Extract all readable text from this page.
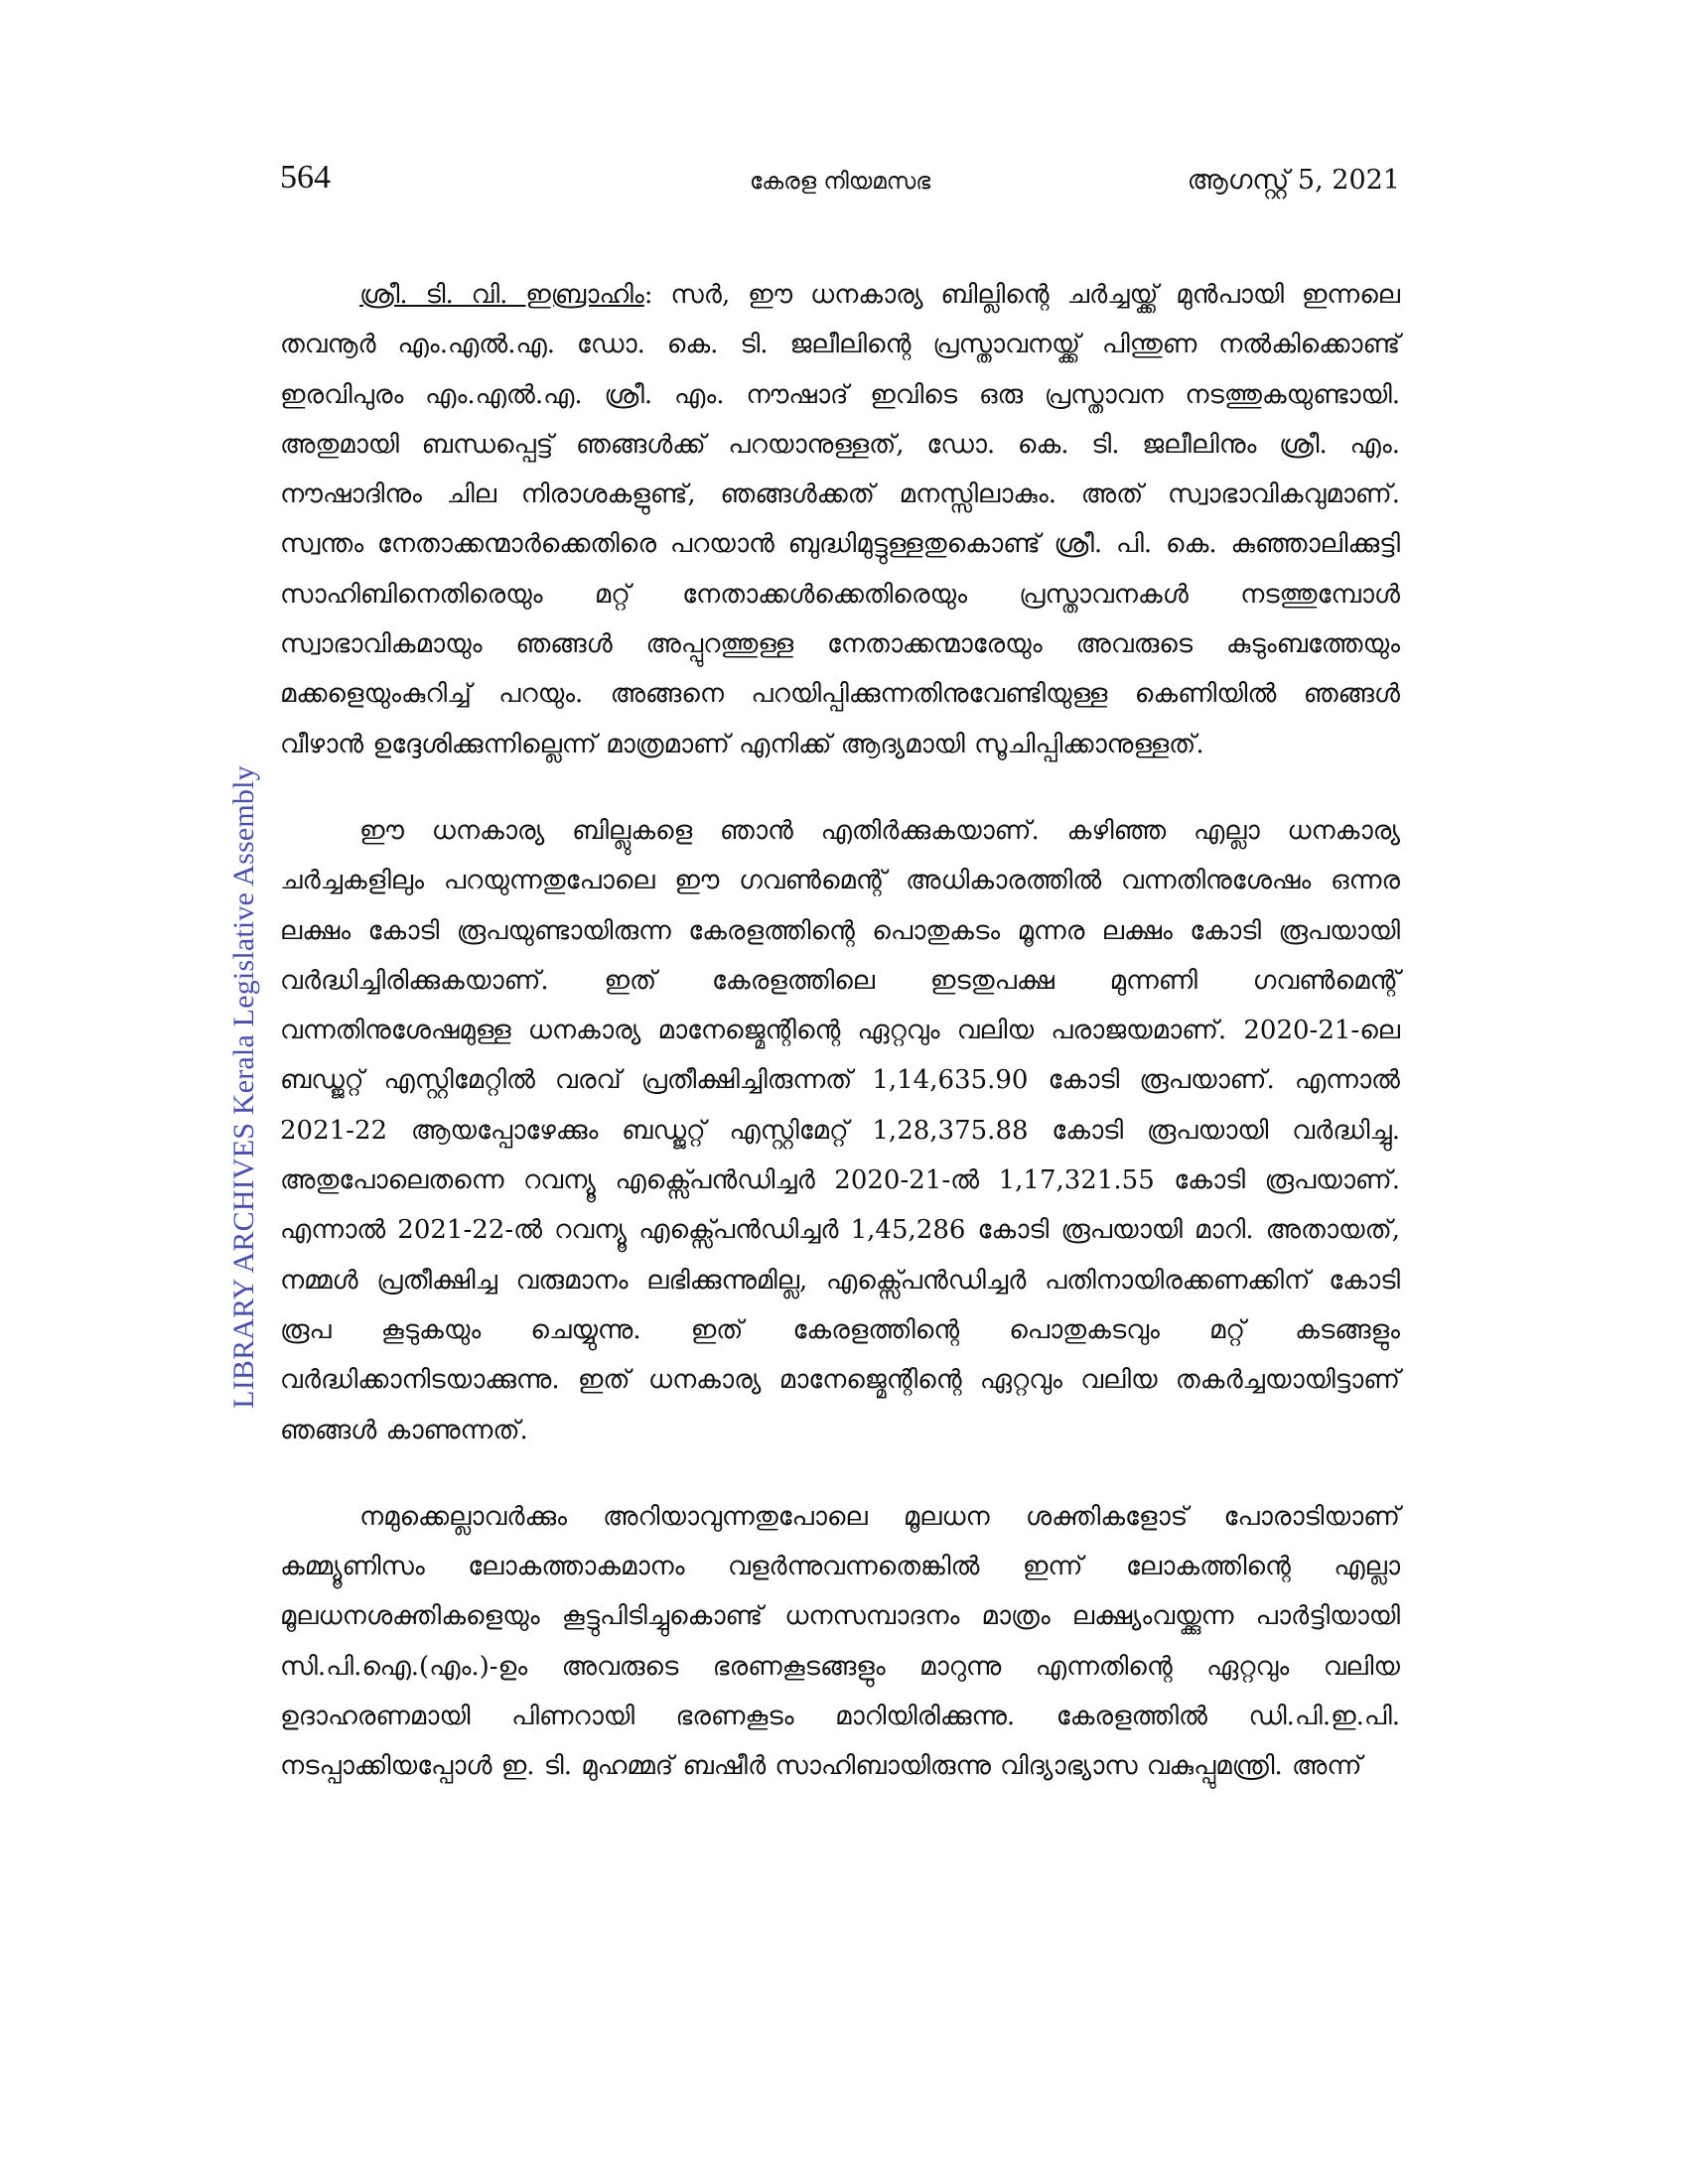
564	കേരള നിയമസഭ	ആഗസ്റ്റ് 5, 2021
LIBRARY ARCHIVES Kerala Legislative Assembly

ശ്രീ. ടി. വി. ഇബ്രാഹിം: സർ, ഈ ധനകാര്യ ബില്ലിന്റെ ചർച്ചയ്ക്ക് മുൻപായി ഇന്നലെ തവനൂർ എം.എൽ.എ. ഡോ. കെ. ടി. ജലീലിന്റെ പ്രസ്താവനയ്ക്ക് പിന്തുണ നൽകിക്കൊണ്ട് ഇരവിപുരം എം.എൽ.എ. ശ്രീ. എം. നൗഷാദ് ഇവിടെ ഒരു പ്രസ്താവന നടത്തുകയുണ്ടായി. അതുമായി ബന്ധപ്പെട്ട് ഞങ്ങൾക്ക് പറയാനുള്ളത്, ഡോ. കെ. ടി. ജലീലിനും ശ്രീ. എം. നൗഷാദിനും ചില നിരാശകളുണ്ട്, ഞങ്ങൾക്കത് മനസ്സിലാകും. അത് സ്വാഭാവികവുമാണ്. സ്വന്തം നേതാക്കന്മാർക്കെതിരെ പറയാൻ ബുദ്ധിമുട്ടുള്ളതുകൊണ്ട് ശ്രീ. പി. കെ. കുഞ്ഞാലിക്കുട്ടി സാഹിബിനെതിരെയും മറ്റ് നേതാക്കൾക്കെതിരെയും പ്രസ്താവനകൾ നടത്തുമ്പോൾ സ്വാഭാവികമായും ഞങ്ങൾ അപ്പുറത്തുള്ള നേതാക്കന്മാരേയും അവരുടെ കുടുംബത്തേയും മക്കളെയുംകുറിച്ച് പറയും. അങ്ങനെ പറയിപ്പിക്കുന്നതിനുവേണ്ടിയുള്ള കെണിയിൽ ഞങ്ങൾ വീഴാൻ ഉദ്ദേശിക്കുന്നില്ലെന്ന് മാത്രമാണ് എനിക്ക് ആദ്യമായി സൂചിപ്പിക്കാനുള്ളത്.

ഈ ധനകാര്യ ബില്ലുകളെ ഞാൻ എതിർക്കുകയാണ്. കഴിഞ്ഞ എല്ലാ ധനകാര്യ ചർച്ചകളിലും പറയുന്നതുപോലെ ഈ ഗവൺമെന്റ് അധികാരത്തിൽ വന്നതിനുശേഷം ഒന്നര ലക്ഷം കോടി രൂപയുണ്ടായിരുന്ന കേരളത്തിന്റെ പൊതുകടം മൂന്നര ലക്ഷം കോടി രൂപയായി വർദ്ധിച്ചിരിക്കുകയാണ്. ഇത് കേരളത്തിലെ ഇടതുപക്ഷ മുന്നണി ഗവൺമെന്റ് വന്നതിനുശേഷമുള്ള ധനകാര്യ മാനേജ്മെന്റിന്റെ ഏറ്റവും വലിയ പരാജയമാണ്. 2020-21-ലെ ബഡ്ജറ്റ് എസ്റ്റിമേറ്റിൽ വരവ് പ്രതീക്ഷിച്ചിരുന്നത് 1,14,635.90 കോടി രൂപയാണ്. എന്നാൽ 2021-22 ആയപ്പോഴേക്കും ബഡ്ജറ്റ് എസ്റ്റിമേറ്റ് 1,28,375.88 കോടി രൂപയായി വർദ്ധിച്ചു. അതുപോലെതന്നെ റവന്യൂ എക്സ്പെൻഡിച്ചർ 2020-21-ൽ 1,17,321.55 കോടി രൂപയാണ്. എന്നാൽ 2021-22-ൽ റവന്യൂ എക്സ്പെൻഡിച്ചർ 1,45,286 കോടി രൂപയായി മാറി. അതായത്, നമ്മൾ പ്രതീക്ഷിച്ച വരുമാനം ലഭിക്കുന്നുമില്ല, എക്സ്പെൻഡിച്ചർ പതിനായിരക്കണക്കിന് കോടി രൂപ കൂടുകയും ചെയ്യുന്നു. ഇത് കേരളത്തിന്റെ പൊതുകടവും മറ്റ് കടങ്ങളും വർദ്ധിക്കാനിടയാക്കുന്നു. ഇത് ധനകാര്യ മാനേജ്മെന്റിന്റെ ഏറ്റവും വലിയ തകർച്ചയായിട്ടാണ് ഞങ്ങൾ കാണുന്നത്.

നമുക്കെല്ലാവർക്കും അറിയാവുന്നതുപോലെ മൂലധന ശക്തികളോട് പോരാടിയാണ് കമ്മ്യൂണിസം ലോകത്താകമാനം വളർന്നുവന്നതെങ്കിൽ ഇന്ന് ലോകത്തിന്റെ എല്ലാ മൂലധനശക്തികളെയും കൂട്ടുപിടിച്ചുകൊണ്ട് ധനസമ്പാദനം മാത്രം ലക്ഷ്യംവയ്ക്കുന്ന പാർട്ടിയായി സി.പി.ഐ.(എം.)-ഉം അവരുടെ ഭരണകൂടങ്ങളും മാറുന്നു എന്നതിന്റെ ഏറ്റവും വലിയ ഉദാഹരണമായി പിണറായി ഭരണകൂടം മാറിയിരിക്കുന്നു. കേരളത്തിൽ ഡി.പി.ഇ.പി. നടപ്പാക്കിയപ്പോൾ ഇ. ടി. മുഹമ്മദ് ബഷീർ സാഹിബായിരുന്നു വിദ്യാഭ്യാസ വകുപ്പുമന്ത്രി. അന്ന്
